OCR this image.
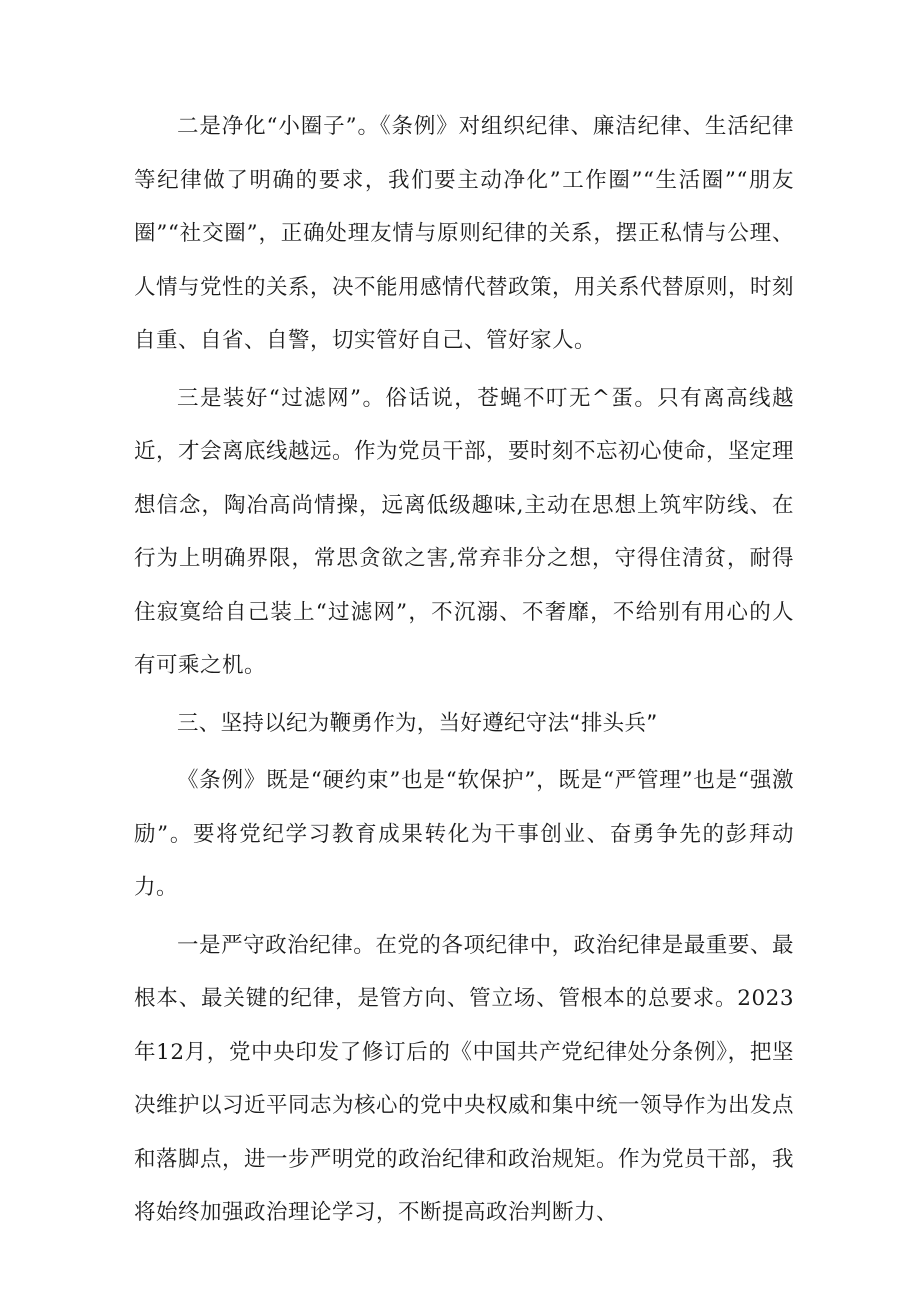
二是净化“小圈子”。《条例》对组织纪律、廉洁纪律、生活纪律等纪律做了明确的要求，我们要主动净化”工作圈”“生活圈”“朋友圈”“社交圈”，正确处理友情与原则纪律的关系，摆正私情与公理、人情与党性的关系，决不能用感情代替政策，用关系代替原则，时刻自重、自省、自警，切实管好自己、管好家人。

三是装好“过滤网”。俗话说，苍蝇不叮无^蛋。只有离高线越近，才会离底线越远。作为党员干部，要时刻不忘初心使命，坚定理想信念，陶冶高尚情操，远离低级趣味,主动在思想上筑牢防线、在行为上明确界限，常思贪欲之害,常弃非分之想，守得住清贫，耐得住寂寞给自己装上“过滤网”，不沉溺、不奢靡，不给别有用心的人有可乘之机。

三、坚持以纪为鞭勇作为，当好遵纪守法“排头兵”

《条例》既是“硬约束”也是“软保护”，既是“严管理”也是“强激励”。要将党纪学习教育成果转化为干事创业、奋勇争先的彭拜动力。

一是严守政治纪律。在党的各项纪律中，政治纪律是最重要、最根本、最关键的纪律，是管方向、管立场、管根本的总要求。2023年12月，党中央印发了修订后的《中国共产党纪律处分条例》，把坚决维护以习近平同志为核心的党中央权威和集中统一领导作为出发点和落脚点，进一步严明党的政治纪律和政治规矩。作为党员干部，我将始终加强政治理论学习，不断提高政治判断力、
